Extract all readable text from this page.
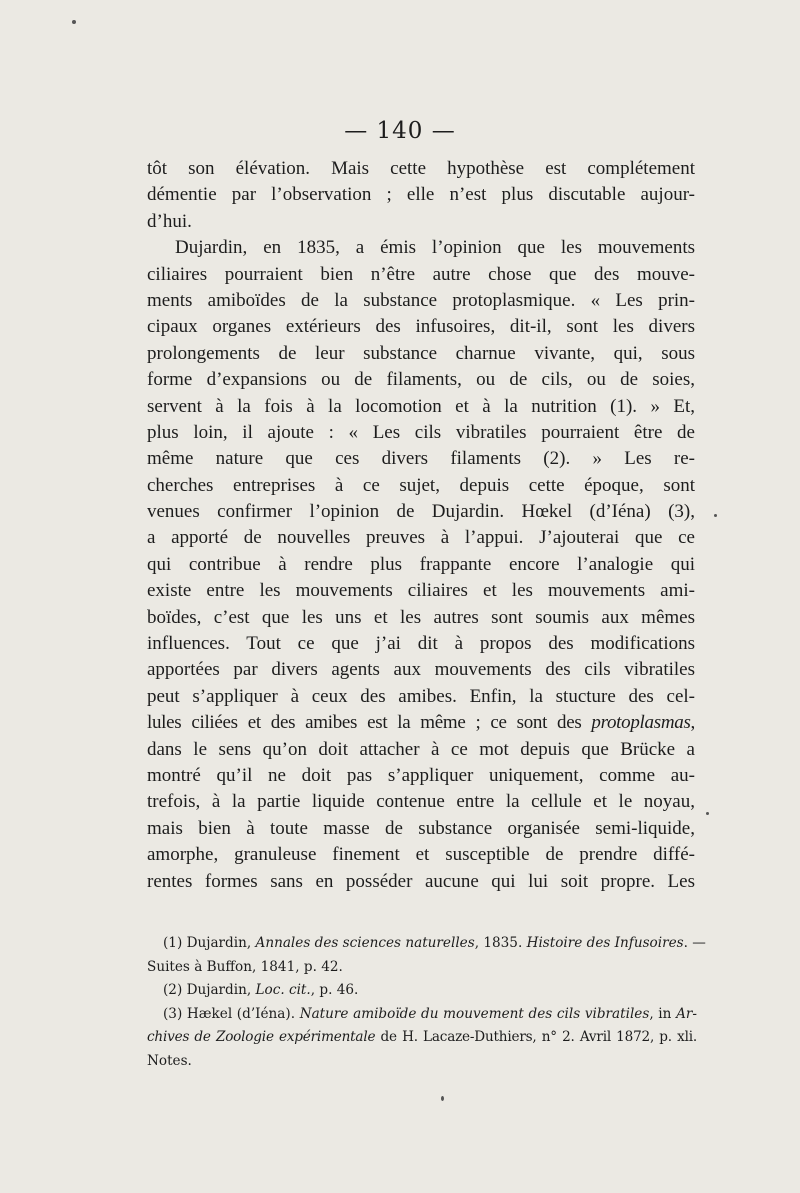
— 140 —
tôt son élévation. Mais cette hypothèse est complétement
démentie par l’observation ; elle n’est plus discutable aujour-
d’hui.
Dujardin, en 1835, a émis l’opinion que les mouvements
ciliaires pourraient bien n’être autre chose que des mouve-
ments amiboïdes de la substance protoplasmique. « Les prin-
cipaux organes extérieurs des infusoires, dit-il, sont les divers
prolongements de leur substance charnue vivante, qui, sous
forme d’expansions ou de filaments, ou de cils, ou de soies,
servent à la fois à la locomotion et à la nutrition (1). » Et,
plus loin, il ajoute : « Les cils vibratiles pourraient être de
même nature que ces divers filaments (2). » Les re-
cherches entreprises à ce sujet, depuis cette époque, sont
venues confirmer l’opinion de Dujardin. Hœkel (d’Iéna) (3),
a apporté de nouvelles preuves à l’appui. J’ajouterai que ce
qui contribue à rendre plus frappante encore l’analogie qui
existe entre les mouvements ciliaires et les mouvements ami-
boïdes, c’est que les uns et les autres sont soumis aux mêmes
influences. Tout ce que j’ai dit à propos des modifications
apportées par divers agents aux mouvements des cils vibratiles
peut s’appliquer à ceux des amibes. Enfin, la stucture des cel-
lules ciliées et des amibes est la même ; ce sont des protoplasmas,
dans le sens qu’on doit attacher à ce mot depuis que Brücke a
montré qu’il ne doit pas s’appliquer uniquement, comme au-
trefois, à la partie liquide contenue entre la cellule et le noyau,
mais bien à toute masse de substance organisée semi-liquide,
amorphe, granuleuse finement et susceptible de prendre diffé-
rentes formes sans en posséder aucune qui lui soit propre. Les
(1) Dujardin, Annales des sciences naturelles, 1835. Histoire des Infusoires. —
Suites à Buffon, 1841, p. 42.
(2) Dujardin, Loc. cit., p. 46.
(3) Hækel (d’Iéna). Nature amiboïde du mouvement des cils vibratiles, in Ar-
chives de Zoologie expérimentale de H. Lacaze-Duthiers, n° 2. Avril 1872, p. xli.
Notes.
